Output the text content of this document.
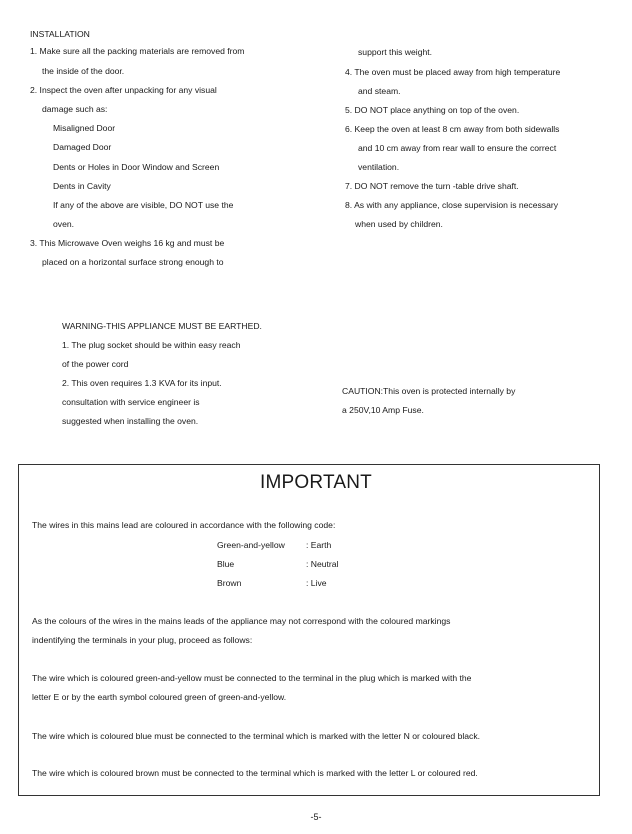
INSTALLATION
1. Make sure all the packing materials are removed from
the inside of the door.
2. Inspect the oven after unpacking for any visual
damage such as:
Misaligned Door
Damaged Door
Dents or Holes in Door Window and Screen
Dents in Cavity
If any of the above are visible, DO NOT use the
oven.
3. This Microwave Oven weighs 16 kg and must be
placed on a horizontal surface strong enough to
support this weight.
4. The oven must be placed away from high temperature
and steam.
5. DO NOT place anything on top of the oven.
6. Keep the oven at least 8 cm away from both sidewalls
and 10 cm away from rear wall to ensure the correct
ventilation.
7. DO NOT remove the turn -table drive shaft.
8. As with any appliance, close supervision is necessary
when used by children.
WARNING-THIS APPLIANCE MUST BE EARTHED.
1. The plug socket should be within easy reach
of the power cord
2. This oven requires 1.3 KVA for its input.
consultation with service engineer is
suggested when installing the oven.
CAUTION:This oven is protected internally by
a 250V,10 Amp Fuse.
IMPORTANT
The wires in this mains lead are coloured in accordance with the following code:
Green-and-yellow : Earth
Blue	: Neutral
Brown	: Live
As the colours of the wires in the mains leads of the appliance may not correspond with the coloured markings
indentifying the terminals in your plug, proceed as follows:
The wire which is coloured green-and-yellow must be connected to the terminal in the plug which is marked with the
letter E or by the earth symbol coloured green of green-and-yellow.
The wire which is coloured blue must be connected to the terminal which is marked with the letter N or coloured black.
The wire which is coloured brown must be connected to the terminal which is marked with the letter L or coloured red.
-5-
